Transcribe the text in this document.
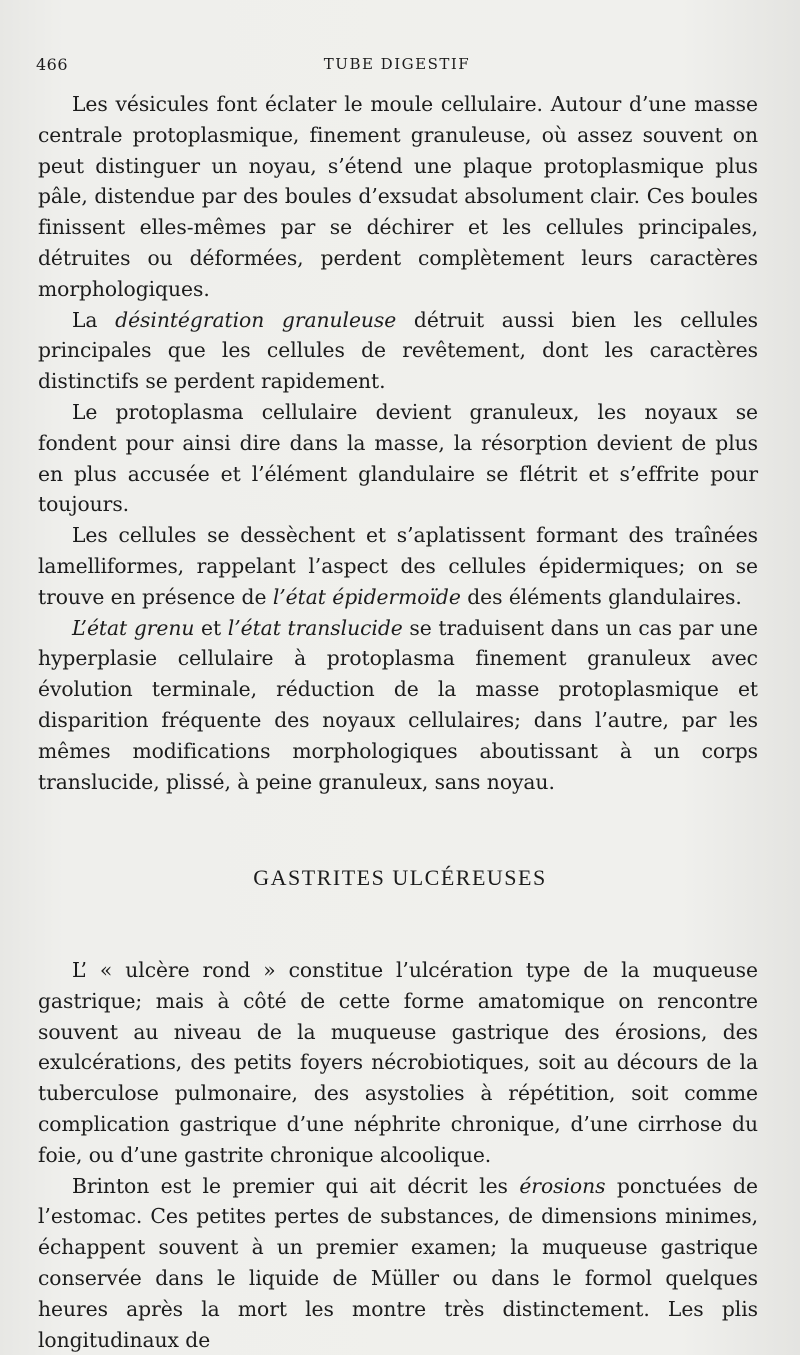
466	TUBE DIGESTIF

Les vésicules font éclater le moule cellulaire. Autour d’une masse centrale protoplasmique, finement granuleuse, où assez souvent on peut distinguer un noyau, s’étend une plaque protoplasmique plus pâle, distendue par des boules d’exsudat absolument clair. Ces boules finissent elles-mêmes par se déchirer et les cellules principales, détruites ou déformées, perdent complètement leurs caractères morphologiques.

La désintégration granuleuse détruit aussi bien les cellules principales que les cellules de revêtement, dont les caractères distinctifs se perdent rapidement.

Le protoplasma cellulaire devient granuleux, les noyaux se fondent pour ainsi dire dans la masse, la résorption devient de plus en plus accusée et l’élément glandulaire se flétrit et s’effrite pour toujours.

Les cellules se dessèchent et s’aplatissent formant des traînées lamelliformes, rappelant l’aspect des cellules épidermiques; on se trouve en présence de l’état épidermoïde des éléments glandulaires.

L’état grenu et l’état translucide se traduisent dans un cas par une hyperplasie cellulaire à protoplasma finement granuleux avec évolution terminale, réduction de la masse protoplasmique et disparition fréquente des noyaux cellulaires; dans l’autre, par les mêmes modifications morphologiques aboutissant à un corps translucide, plissé, à peine granuleux, sans noyau.

GASTRITES ULCÉREUSES

L’ « ulcère rond » constitue l’ulcération type de la muqueuse gastrique; mais à côté de cette forme amatomique on rencontre souvent au niveau de la muqueuse gastrique des érosions, des exulcérations, des petits foyers nécrobiotiques, soit au décours de la tuberculose pulmonaire, des asystolies à répétition, soit comme complication gastrique d’une néphrite chronique, d’une cirrhose du foie, ou d’une gastrite chronique alcoolique.

Brinton est le premier qui ait décrit les érosions ponctuées de l’estomac. Ces petites pertes de substances, de dimensions minimes, échappent souvent à un premier examen; la muqueuse gastrique conservée dans le liquide de Müller ou dans le formol quelques heures après la mort les montre très distinctement. Les plis longitudinaux de
